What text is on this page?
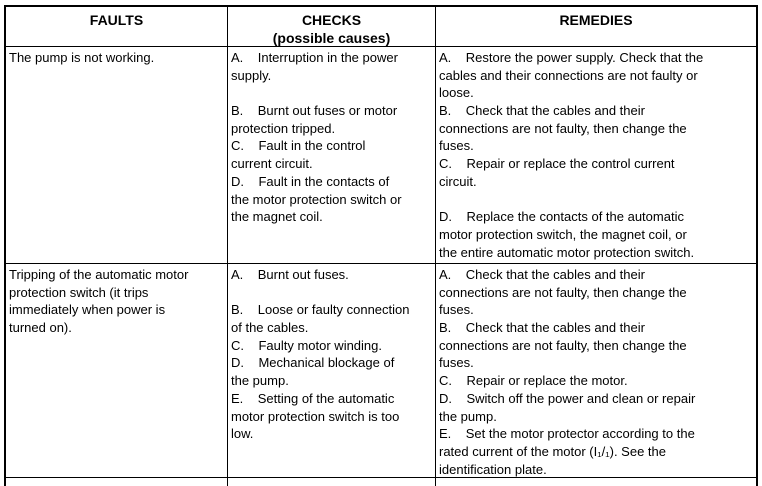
FAULTS	CHECKS
(possible causes)
REMEDIES
The pump is not working.	A.    Interruption in the power
supply.

B.    Burnt out fuses or motor
protection tripped.
C.    Fault in the control
current circuit.
D.    Fault in the contacts of
the motor protection switch or
the magnet coil.
A.    Restore the power supply. Check that the
cables and their connections are not faulty or
loose.
B.    Check that the cables and their
connections are not faulty, then change the
fuses.
C.    Repair or replace the control current
circuit.

D.    Replace the contacts of the automatic
motor protection switch, the magnet coil, or
the entire automatic motor protection switch.
Tripping of the automatic motor
protection switch (it trips
immediately when power is
turned on).
A.    Burnt out fuses.

B.    Loose or faulty connection
of the cables.
C.    Faulty motor winding.
D.    Mechanical blockage of
the pump.
E.    Setting of the automatic
motor protection switch is too
low.
A.    Check that the cables and their
connections are not faulty, then change the
fuses.
B.    Check that the cables and their
connections are not faulty, then change the
fuses.
C.    Repair or replace the motor.
D.    Switch off the power and clean or repair
the pump.
E.    Set the motor protector according to the
rated current of the motor (I₁/₁). See the
identification plate.
